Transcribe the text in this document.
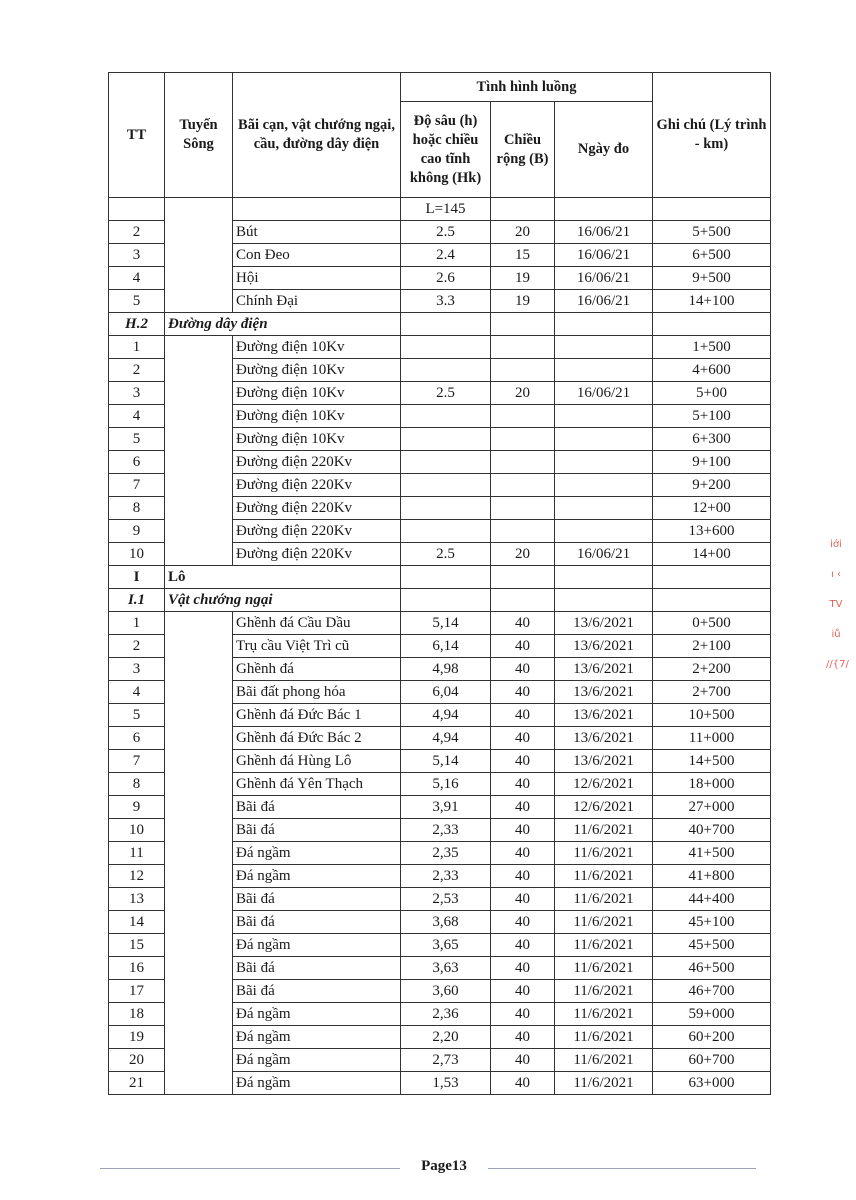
TT	Tuyến Sông	Bãi cạn, vật chướng ngại, cầu, đường dây điện	Tình hình luồng			Ghi chú (Lý trình - km)
			Độ sâu (h) hoặc chiều cao tĩnh không (Hk)	Chiều rộng (B)	Ngày đo	
			L=145			
2		Bút	2.5	20	16/06/21	5+500
3		Con Đeo	2.4	15	16/06/21	6+500
4		Hội	2.6	19	16/06/21	9+500
5		Chính Đại	3.3	19	16/06/21	14+100
H.2	Đường dây điện					
1		Đường điện 10Kv				1+500
2		Đường điện 10Kv				4+600
3		Đường điện 10Kv	2.5	20	16/06/21	5+00
4		Đường điện 10Kv				5+100
5		Đường điện 10Kv				6+300
6		Đường điện 220Kv				9+100
7		Đường điện 220Kv				9+200
8		Đường điện 220Kv				12+00
9		Đường điện 220Kv				13+600
10		Đường điện 220Kv	2.5	20	16/06/21	14+00
I	Lô					
I.1	Vật chướng ngại					
1		Ghềnh đá Cầu Dầu	5,14	40	13/6/2021	0+500
2		Trụ cầu Việt Trì cũ	6,14	40	13/6/2021	2+100
3		Ghềnh đá	4,98	40	13/6/2021	2+200
4		Bãi đất phong hóa	6,04	40	13/6/2021	2+700
5		Ghềnh đá Đức Bác 1	4,94	40	13/6/2021	10+500
6		Ghềnh đá Đức Bác 2	4,94	40	13/6/2021	11+000
7		Ghềnh đá Hùng Lô	5,14	40	13/6/2021	14+500
8		Ghềnh đá Yên Thạch	5,16	40	12/6/2021	18+000
9		Bãi đá	3,91	40	12/6/2021	27+000
10		Bãi đá	2,33	40	11/6/2021	40+700
11		Đá ngầm	2,35	40	11/6/2021	41+500
12		Đá ngầm	2,33	40	11/6/2021	41+800
13		Bãi đá	2,53	40	11/6/2021	44+400
14		Bãi đá	3,68	40	11/6/2021	45+100
15		Đá ngầm	3,65	40	11/6/2021	45+500
16		Bãi đá	3,63	40	11/6/2021	46+500
17		Bãi đá	3,60	40	11/6/2021	46+700
18		Đá ngầm	2,36	40	11/6/2021	59+000
19		Đá ngầm	2,20	40	11/6/2021	60+200
20		Đá ngầm	2,73	40	11/6/2021	60+700
21		Đá ngầm	1,53	40	11/6/2021	63+000
Page13
iới
ı ‹
TV
iů
//{7/
